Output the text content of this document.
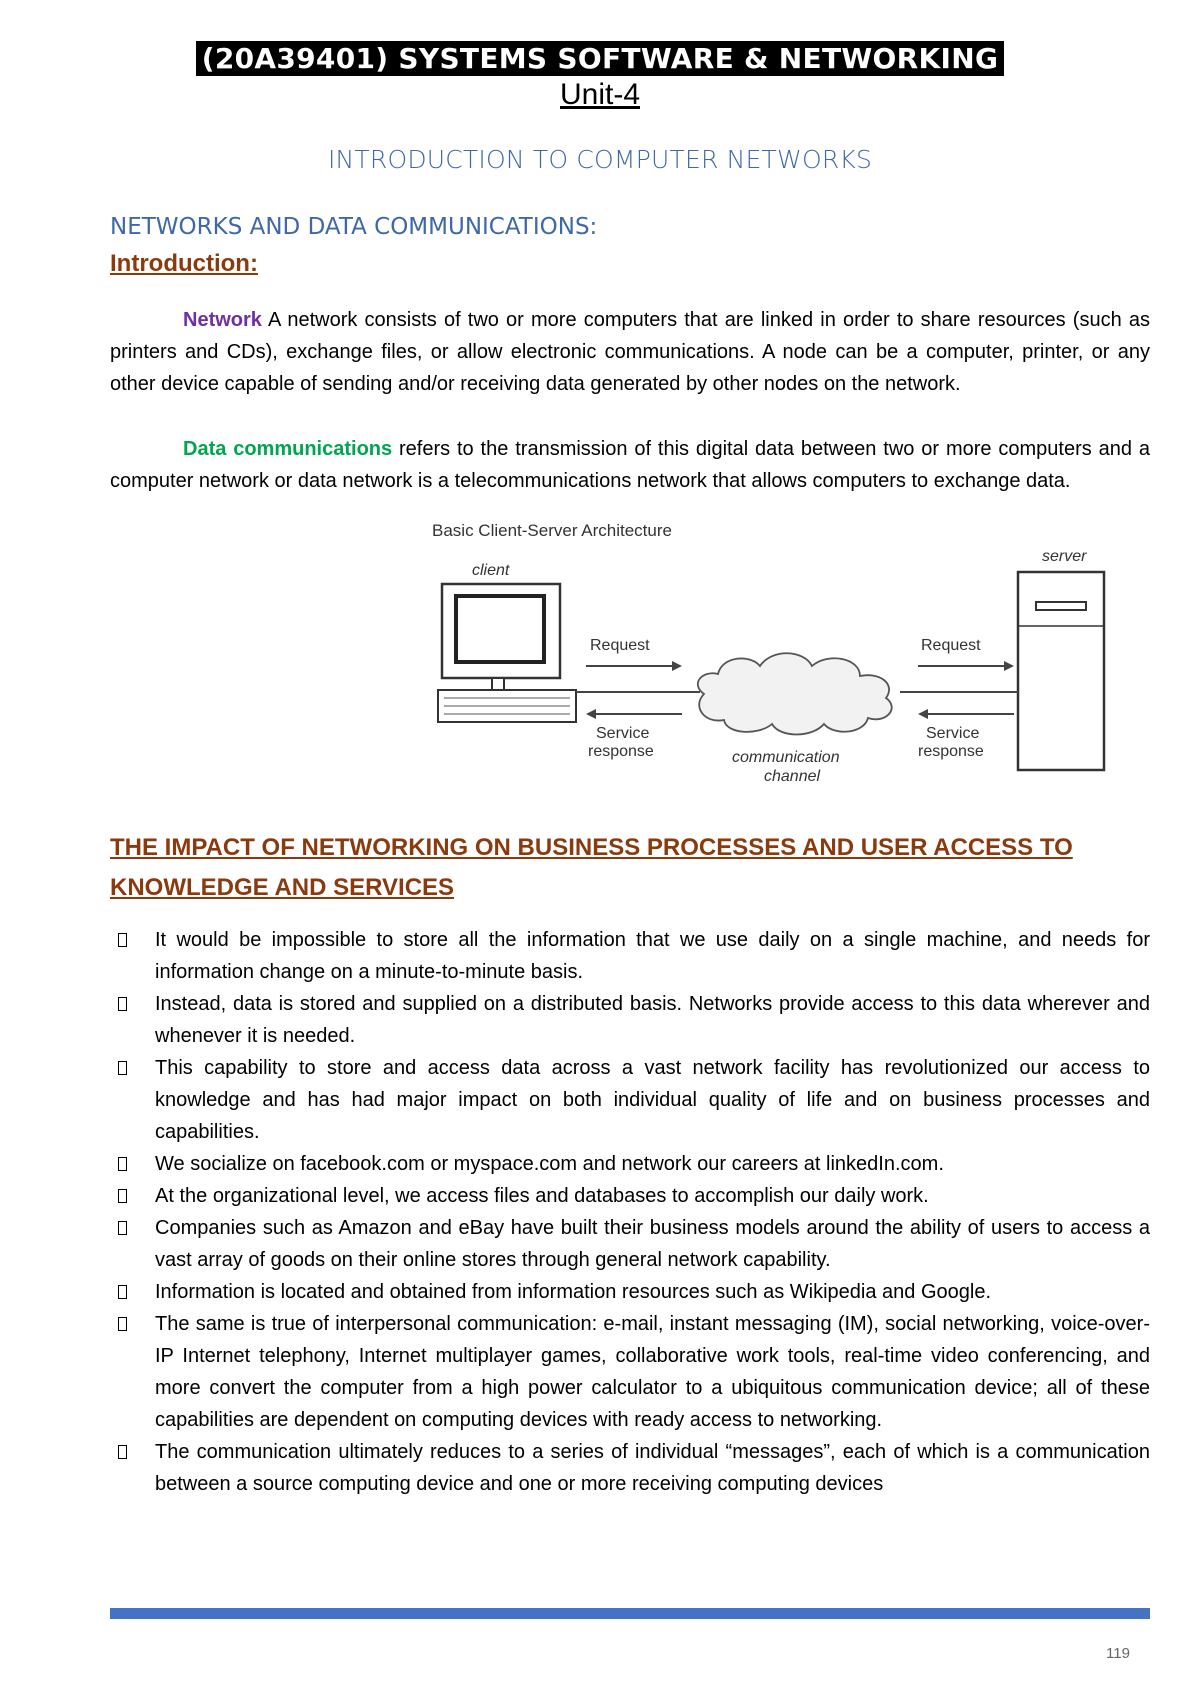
(20A39401) SYSTEMS SOFTWARE & NETWORKING
Unit-4
INTRODUCTION TO COMPUTER NETWORKS
NETWORKS AND DATA COMMUNICATIONS:
Introduction:
Network A network consists of two or more computers that are linked in order to share resources (such as printers and CDs), exchange files, or allow electronic communications. A node can be a computer, printer, or any other device capable of sending and/or receiving data generated by other nodes on the network.
Data communications refers to the transmission of this digital data between two or more computers and a computer network or data network is a telecommunications network that allows computers to exchange data.
Basic Client-Server Architecture
client
server
Request	Request
Service
response
Service
response
communication
channel
THE IMPACT OF NETWORKING ON BUSINESS PROCESSES AND USER ACCESS TO KNOWLEDGE AND SERVICES
It would be impossible to store all the information that we use daily on a single machine, and needs for information change on a minute-to-minute basis.
Instead, data is stored and supplied on a distributed basis. Networks provide access to this data wherever and whenever it is needed.
This capability to store and access data across a vast network facility has revolutionized our access to knowledge and has had major impact on both individual quality of life and on business processes and capabilities.
We socialize on facebook.com or myspace.com and network our careers at linkedIn.com.
At the organizational level, we access files and databases to accomplish our daily work.
Companies such as Amazon and eBay have built their business models around the ability of users to access a vast array of goods on their online stores through general network capability.
Information is located and obtained from information resources such as Wikipedia and Google.
The same is true of interpersonal communication: e-mail, instant messaging (IM), social networking, voice-over-IP Internet telephony, Internet multiplayer games, collaborative work tools, real-time video conferencing, and more convert the computer from a high power calculator to a ubiquitous communication device; all of these capabilities are dependent on computing devices with ready access to networking.
The communication ultimately reduces to a series of individual “messages”, each of which is a communication between a source computing device and one or more receiving computing devices
119
